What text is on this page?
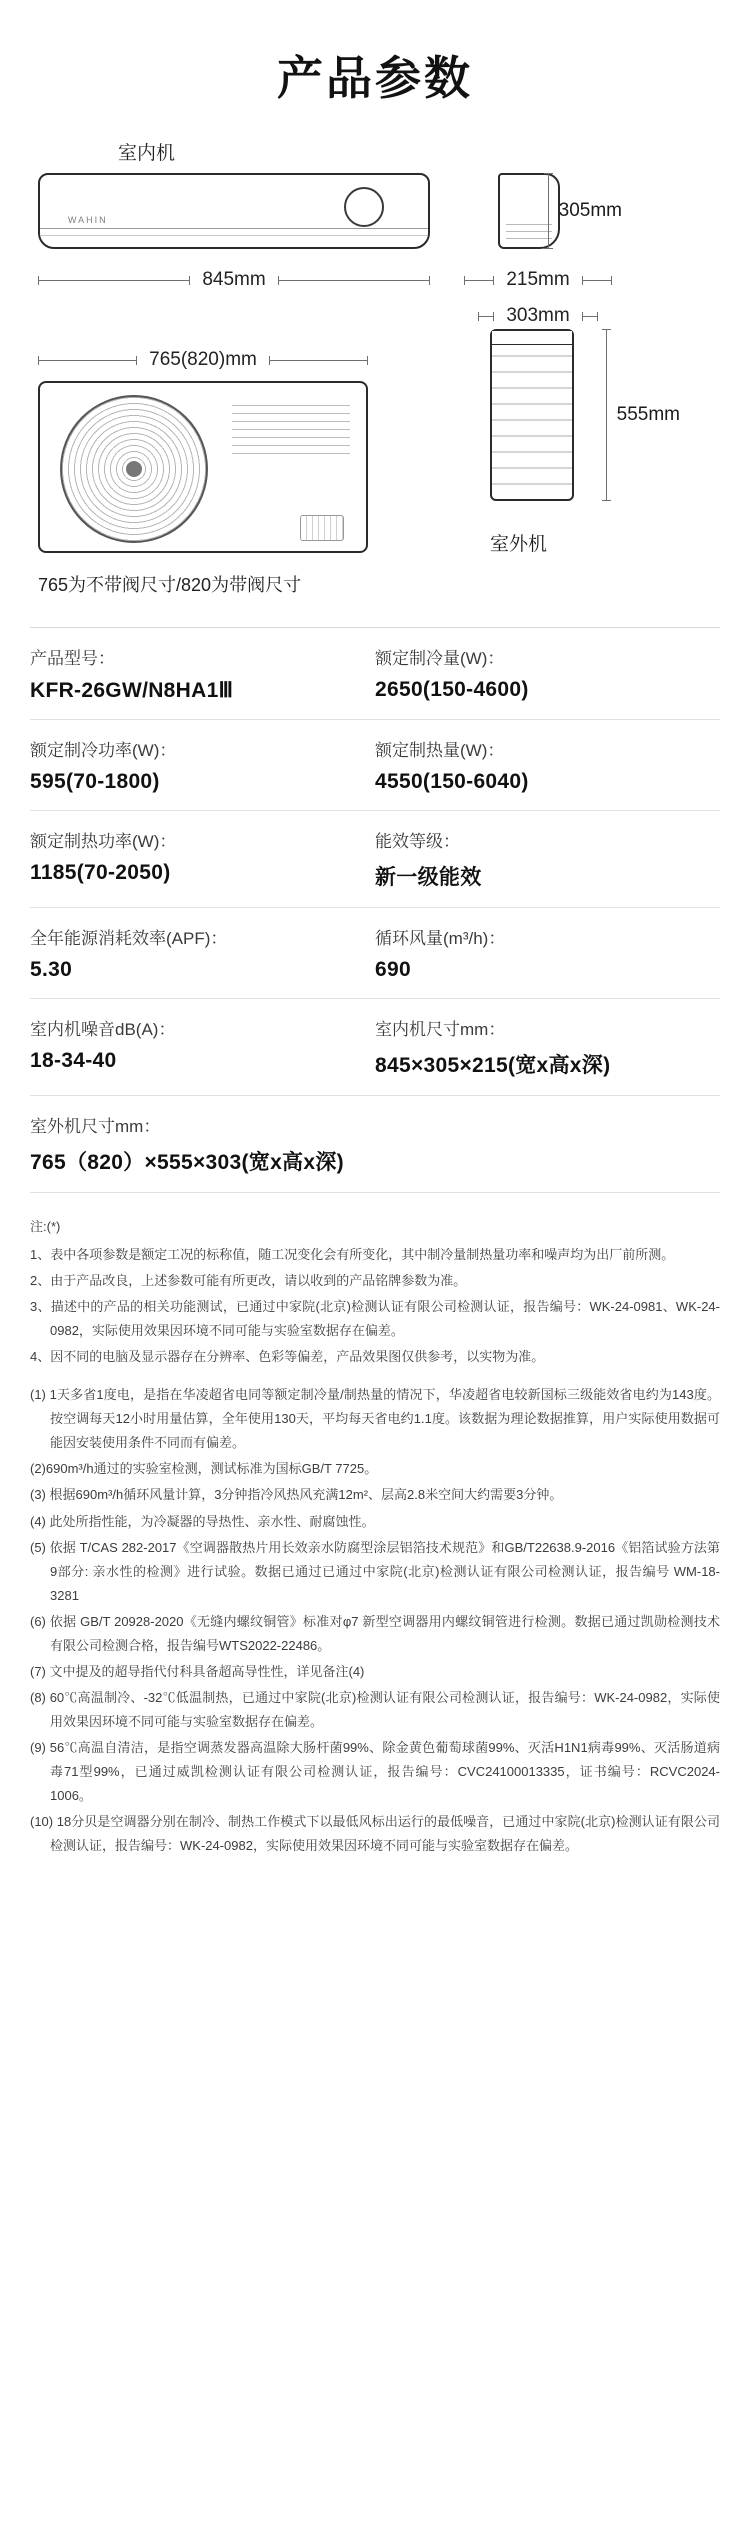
产品参数
室内机
WAHIN
845mm
305mm
215mm
765(820)mm
765为不带阀尺寸/820为带阀尺寸
555mm
303mm
室外机
产品型号：
KFR-26GW/N8HA1Ⅲ
额定制冷量(W)：
2650(150-4600)
额定制冷功率(W)：
595(70-1800)
额定制热量(W)：
4550(150-6040)
额定制热功率(W)：
1185(70-2050)
能效等级：
新一级能效
全年能源消耗效率(APF)：
5.30
循环风量(m³/h)：
690
室内机噪音dB(A)：
18-34-40
室内机尺寸mm：
845×305×215(宽x高x深)
室外机尺寸mm：
765（820）×555×303(宽x高x深)
注:(*)

1、表中各项参数是额定工况的标称值，随工况变化会有所变化，其中制冷量制热量功率和噪声均为出厂前所测。

2、由于产品改良，上述参数可能有所更改，请以收到的产品铭牌参数为准。

3、描述中的产品的相关功能测试，已通过中家院(北京)检测认证有限公司检测认证，报告编号：WK-24-0981、WK-24-0982，实际使用效果因环境不同可能与实验室数据存在偏差。

4、因不同的电脑及显示器存在分辨率、色彩等偏差，产品效果图仅供参考，以实物为准。

(1) 1天多省1度电，是指在华凌超省电同等额定制冷量/制热量的情况下，华凌超省电较新国标三级能效省电约为143度。按空调每天12小时用量估算，全年使用130天，平均每天省电约1.1度。该数据为理论数据推算，用户实际使用数据可能因安装使用条件不同而有偏差。

(2)690m³/h通过的实验室检测，测试标准为国标GB/T 7725。

(3) 根据690m³/h循环风量计算，3分钟指冷风热风充满12m²、层高2.8米空间大约需要3分钟。

(4) 此处所指性能，为冷凝器的导热性、亲水性、耐腐蚀性。

(5) 依据 T/CAS 282-2017《空调器散热片用长效亲水防腐型涂层铝箔技术规范》和GB/T22638.9-2016《铝箔试验方法第9部分: 亲水性的检测》进行试验。数据已通过已通过中家院(北京)检测认证有限公司检测认证，报告编号 WM-18-3281

(6) 依据 GB/T 20928-2020《无缝内螺纹铜管》标准对φ7 新型空调器用内螺纹铜管进行检测。数据已通过凯勋检测技术有限公司检测合格，报告编号WTS2022-22486。

(7) 文中提及的超导指代付科具备超高导性性，详见备注(4)

(8) 60℃高温制冷、-32℃低温制热，已通过中家院(北京)检测认证有限公司检测认证，报告编号：WK-24-0982，实际使用效果因环境不同可能与实验室数据存在偏差。

(9) 56℃高温自清洁，是指空调蒸发器高温除大肠杆菌99%、除金黄色葡萄球菌99%、灭活H1N1病毒99%、灭活肠道病毒71型99%，已通过威凯检测认证有限公司检测认证，报告编号：CVC24100013335，证书编号：RCVC2024-1006。

(10) 18分贝是空调器分别在制冷、制热工作模式下以最低风标出运行的最低噪音，已通过中家院(北京)检测认证有限公司检测认证，报告编号：WK-24-0982，实际使用效果因环境不同可能与实验室数据存在偏差。
